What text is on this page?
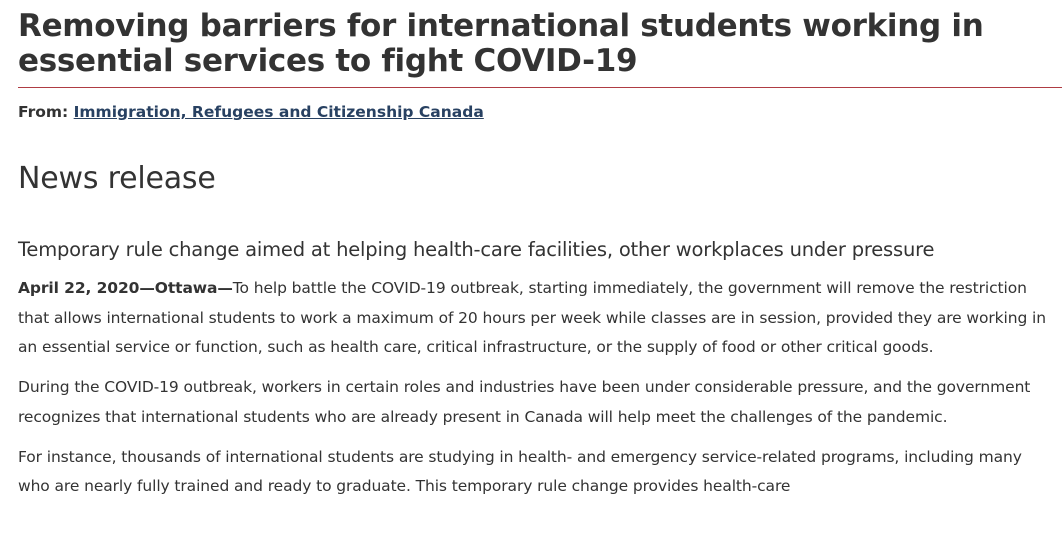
Removing barriers for international students working in essential services to fight COVID-19
From: Immigration, Refugees and Citizenship Canada
News release
Temporary rule change aimed at helping health-care facilities, other workplaces under pressure

April 22, 2020—Ottawa—To help battle the COVID-19 outbreak, starting immediately, the government will remove the restriction that allows international students to work a maximum of 20 hours per week while classes are in session, provided they are working in an essential service or function, such as health care, critical infrastructure, or the supply of food or other critical goods.

During the COVID-19 outbreak, workers in certain roles and industries have been under considerable pressure, and the government recognizes that international students who are already present in Canada will help meet the challenges of the pandemic.

For instance, thousands of international students are studying in health- and emergency service-related programs, including many who are nearly fully trained and ready to graduate. This temporary rule change provides health-care
